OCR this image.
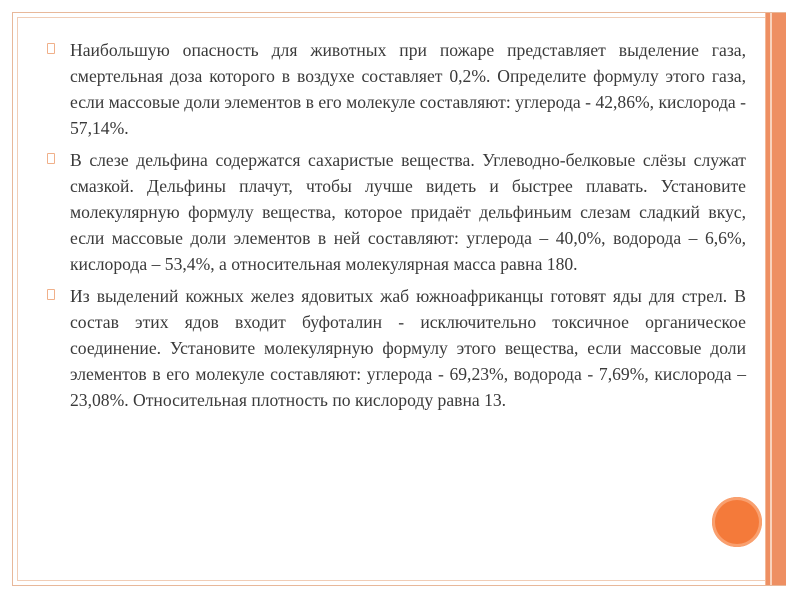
Наибольшую опасность для животных при пожаре представляет выделение газа, смертельная доза которого в воздухе составляет 0,2%. Определите формулу этого газа, если массовые доли элементов в его молекуле составляют: углерода - 42,86%, кислорода - 57,14%.

В слезе дельфина содержатся сахаристые вещества. Углеводно-белковые слёзы служат смазкой. Дельфины плачут, чтобы лучше видеть и быстрее плавать. Установите молекулярную формулу вещества, которое придаёт дельфиньим слезам сладкий вкус, если массовые доли элементов в ней составляют: углерода – 40,0%, водорода – 6,6%, кислорода – 53,4%, а относительная молекулярная масса равна 180.

Из выделений кожных желез ядовитых жаб южноафриканцы готовят яды для стрел. В состав этих ядов входит буфоталин - исключительно токсичное органическое соединение. Установите молекулярную формулу этого вещества, если массовые доли элементов в его молекуле составляют: углерода - 69,23%, водорода - 7,69%, кислорода – 23,08%. Относительная плотность по кислороду равна 13.
